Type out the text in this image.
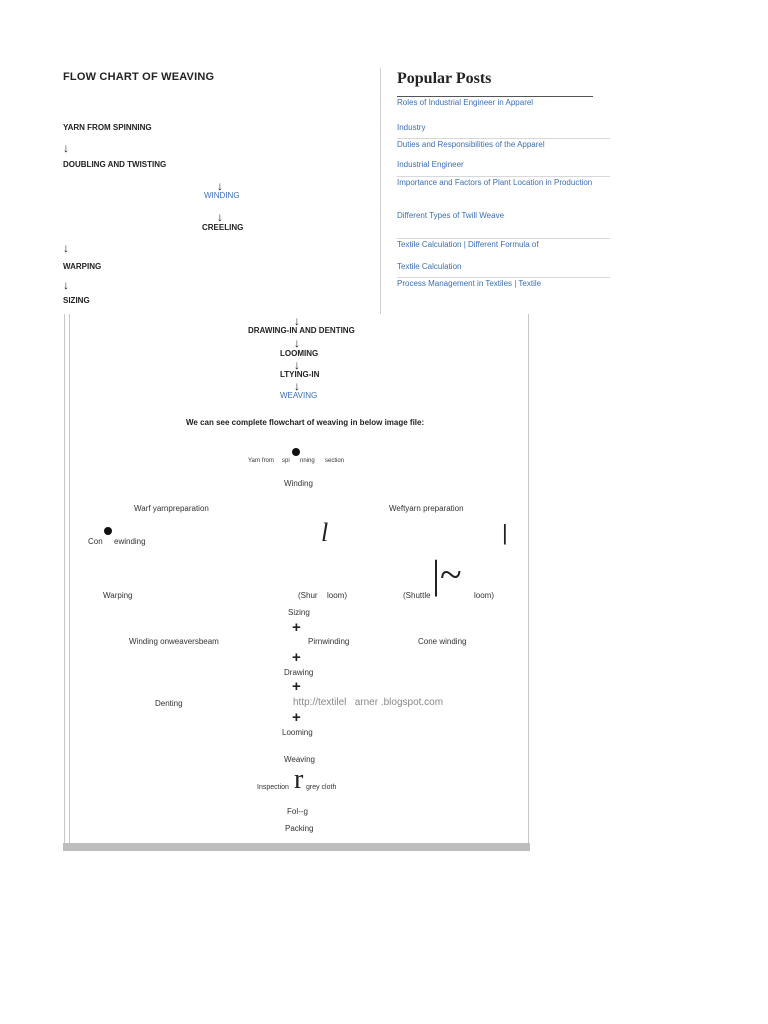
FLOW CHART OF WEAVING
YARN FROM SPINNING
↓
DOUBLING AND TWISTING
↓
WINDING
↓
CREELING
↓
WARPING
↓
SIZING
Popular Posts
Roles of Industrial Engineer in Apparel
Industry
Duties and Responsibilities of the Apparel
Industrial Engineer
Importance and Factors of Plant Location in Production
Different Types of Twill Weave
Textile Calculation | Different Formula of
Textile Calculation
Process Management in Textiles | Textile
↓
DRAWING-IN AND DENTING
↓
LOOMING
↓
LTYING-IN
↓
WEAVING
We can see complete flowchart of weaving in below image file:
Yarn from spi nning section
Winding
Warf yarnpreparation	Weftyarn preparation
Con ewinding	l	|
Warping	(Shur loom)	(Shuttle |~ loom)
Sizing
+
Winding onweaversbeam	Pirnwinding	Cone winding
+
Drawing
+
Denting	http://textilel   arner .blogspot.com
+
Looming
Weaving
Inspection r grey cloth
Fol--g
Packing
